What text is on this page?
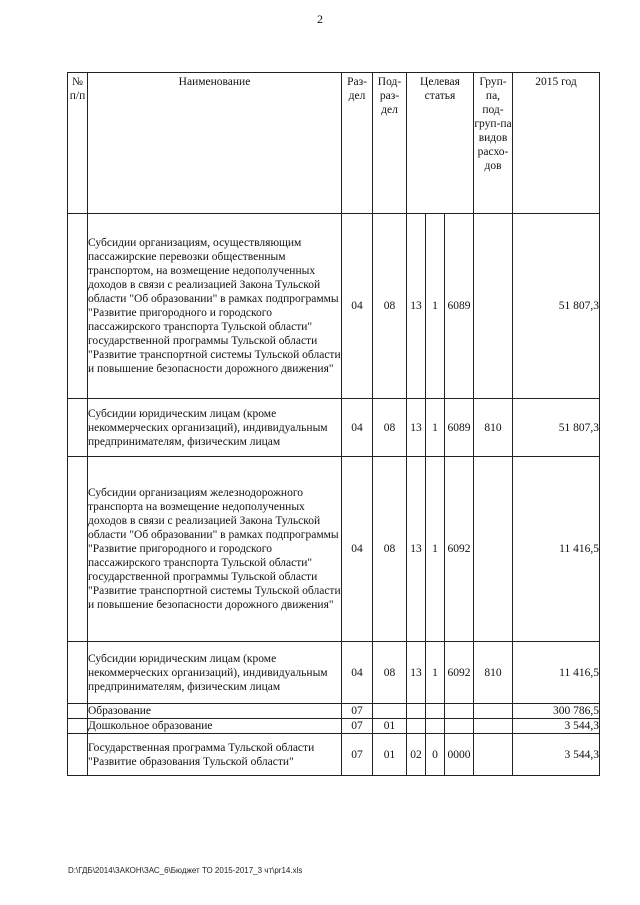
2
№ п/п	Наименование	Раз-дел	Под-раз-дел	Целевая статья			Груп-па, под-груп-па видов расхо-дов	2015 год
	Субсидии организациям, осуществляющим пассажирские перевозки общественным транспортом, на возмещение недополученных доходов в связи с реализацией Закона Тульской области "Об образовании" в рамках подпрограммы "Развитие пригородного и городского пассажирского транспорта Тульской области" государственной программы Тульской области "Развитие транспортной системы Тульской области и повышение безопасности дорожного движения"	04	08	13	1	6089		51 807,3
	Субсидии юридическим лицам (кроме некоммерческих организаций), индивидуальным предпринимателям, физическим лицам	04	08	13	1	6089	810	51 807,3
	Субсидии организациям железнодорожного транспорта на возмещение недополученных доходов в связи с реализацией Закона Тульской области "Об образовании" в рамках подпрограммы "Развитие пригородного и городского пассажирского транспорта Тульской области" государственной программы Тульской области "Развитие транспортной системы Тульской области и повышение безопасности дорожного движения"	04	08	13	1	6092		11 416,5
	Субсидии юридическим лицам (кроме некоммерческих организаций), индивидуальным предпринимателям, физическим лицам	04	08	13	1	6092	810	11 416,5
	Образование	07						300 786,5
	Дошкольное образование	07	01					3 544,3
	Государственная программа Тульской области "Развитие образования Тульской области"	07	01	02	0	0000		3 544,3
D:\ГДБ\2014\ЗАКОН\ЗАС_6\Бюджет ТО 2015-2017_3 чт\pr14.xls
